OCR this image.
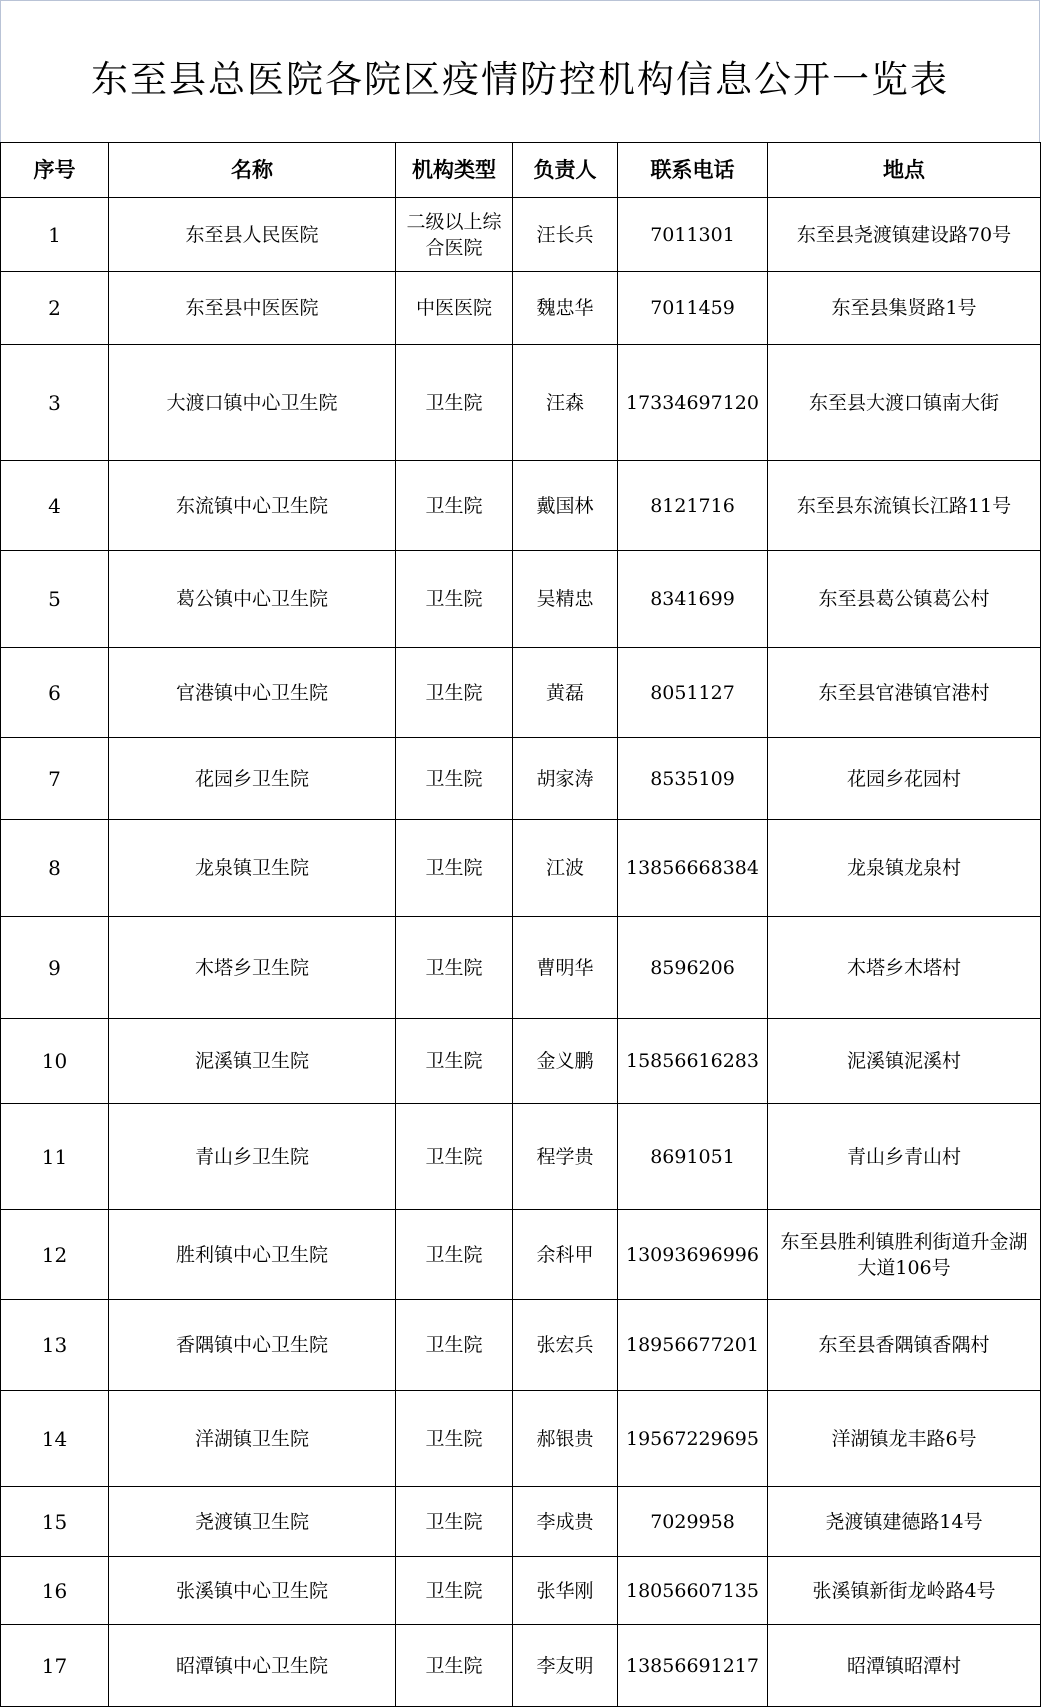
东至县总医院各院区疫情防控机构信息公开一览表
序号	名称	机构类型	负责人	联系电话	地点
1	东至县人民医院	二级以上综合医院	汪长兵	7011301	东至县尧渡镇建设路70号
2	东至县中医医院	中医医院	魏忠华	7011459	东至县集贤路1号
3	大渡口镇中心卫生院	卫生院	汪森	17334697120	东至县大渡口镇南大街
4	东流镇中心卫生院	卫生院	戴国林	8121716	东至县东流镇长江路11号
5	葛公镇中心卫生院	卫生院	吴精忠	8341699	东至县葛公镇葛公村
6	官港镇中心卫生院	卫生院	黄磊	8051127	东至县官港镇官港村
7	花园乡卫生院	卫生院	胡家涛	8535109	花园乡花园村
8	龙泉镇卫生院	卫生院	江波	13856668384	龙泉镇龙泉村
9	木塔乡卫生院	卫生院	曹明华	8596206	木塔乡木塔村
10	泥溪镇卫生院	卫生院	金义鹏	15856616283	泥溪镇泥溪村
11	青山乡卫生院	卫生院	程学贵	8691051	青山乡青山村
12	胜利镇中心卫生院	卫生院	余科甲	13093696996	东至县胜利镇胜利街道升金湖大道106号
13	香隅镇中心卫生院	卫生院	张宏兵	18956677201	东至县香隅镇香隅村
14	洋湖镇卫生院	卫生院	郝银贵	19567229695	洋湖镇龙丰路6号
15	尧渡镇卫生院	卫生院	李成贵	7029958	尧渡镇建德路14号
16	张溪镇中心卫生院	卫生院	张华刚	18056607135	张溪镇新街龙岭路4号
17	昭潭镇中心卫生院	卫生院	李友明	13856691217	昭潭镇昭潭村
